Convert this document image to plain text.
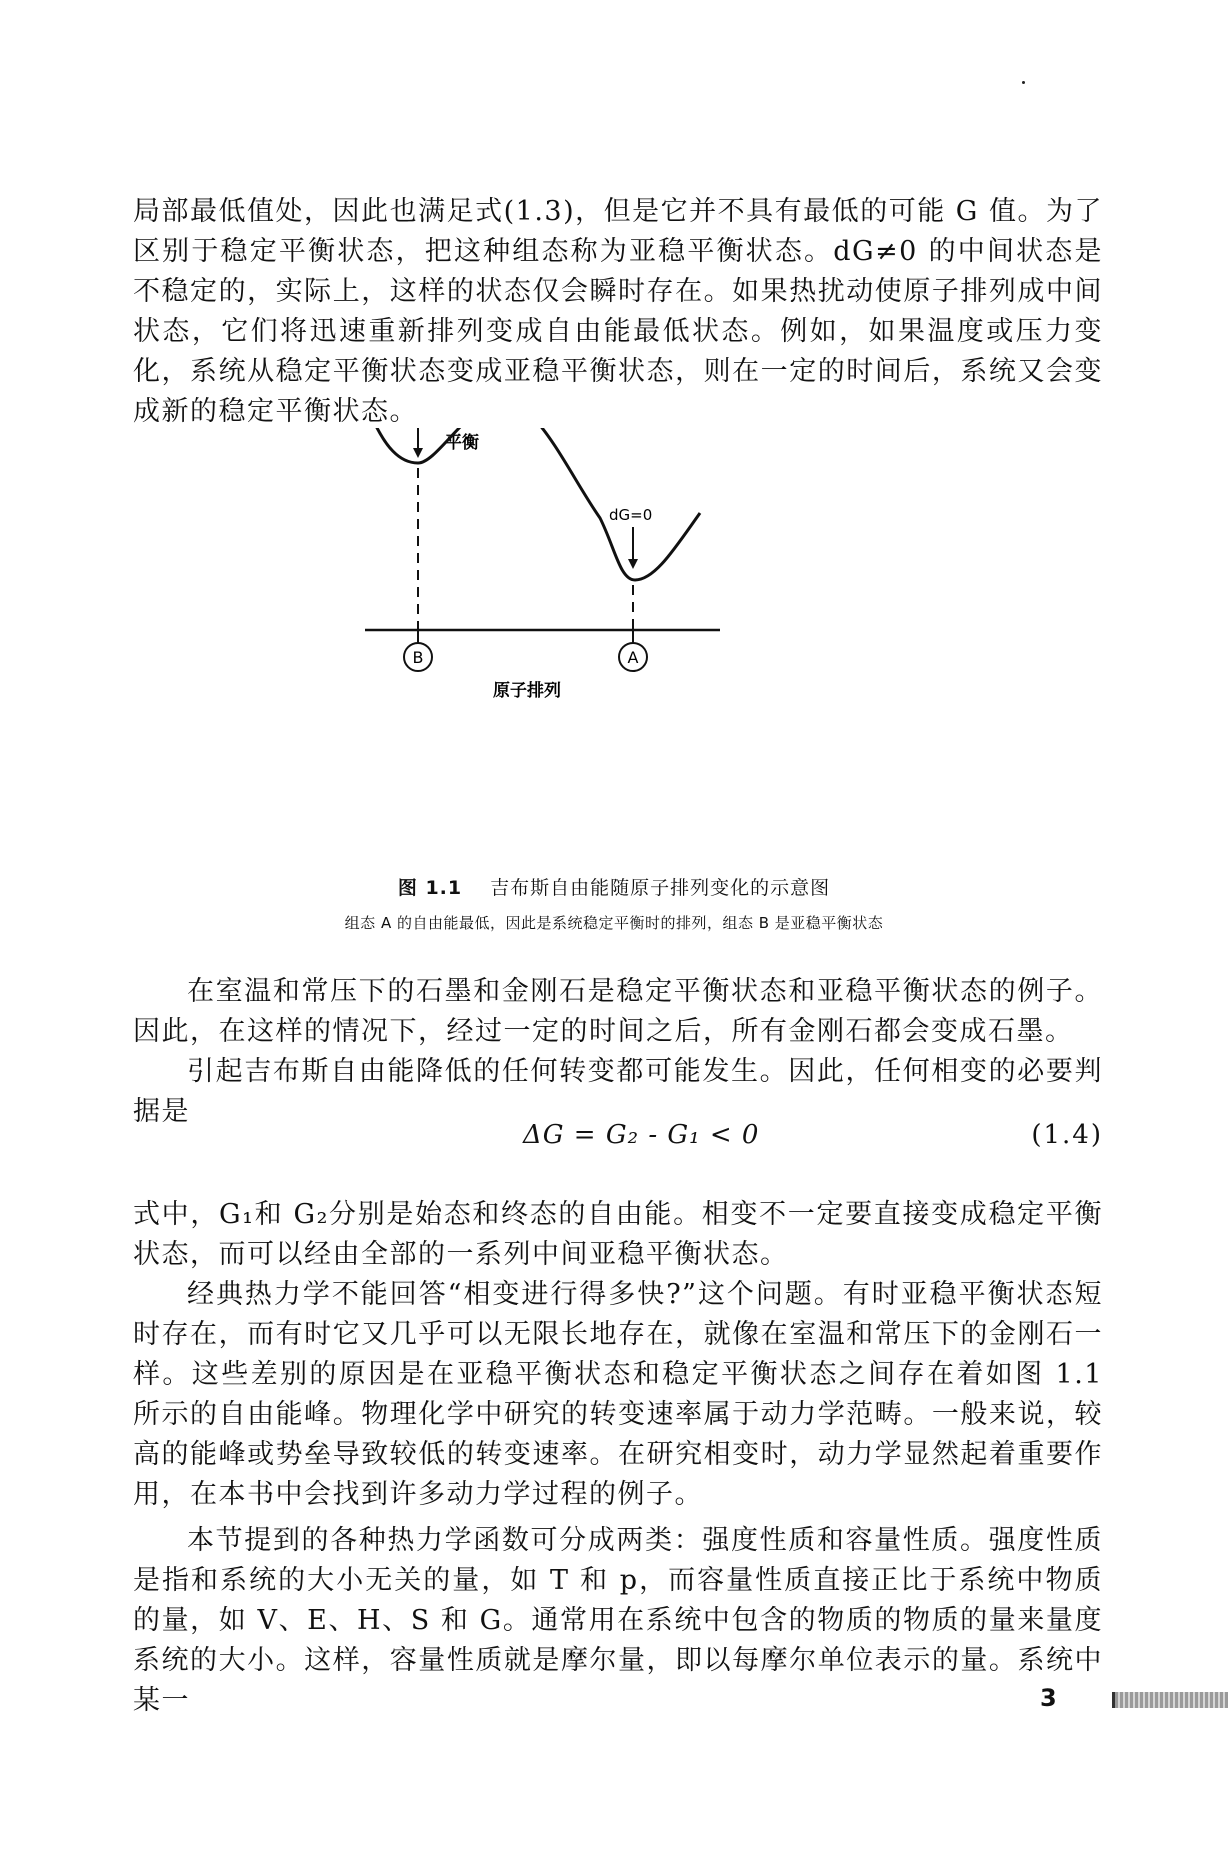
局部最低值处，因此也满足式(1.3)，但是它并不具有最低的可能 G 值。为了区别于稳定平衡状态，把这种组态称为亚稳平衡状态。dG≠0 的中间状态是不稳定的，实际上，这样的状态仅会瞬时存在。如果热扰动使原子排列成中间状态，它们将迅速重新排列变成自由能最低状态。例如，如果温度或压力变化，系统从稳定平衡状态变成亚稳平衡状态，则在一定的时间后，系统又会变成新的稳定平衡状态。

平衡
dG=0
B	A
原子排列
图 1.1 吉布斯自由能随原子排列变化的示意图
组态 A 的自由能最低，因此是系统稳定平衡时的排列，组态 B 是亚稳平衡状态

在室温和常压下的石墨和金刚石是稳定平衡状态和亚稳平衡状态的例子。因此，在这样的情况下，经过一定的时间之后，所有金刚石都会变成石墨。

引起吉布斯自由能降低的任何转变都可能发生。因此，任何相变的必要判据是

ΔG = G₂ - G₁ < 0	(1.4)

式中，G₁和 G₂分别是始态和终态的自由能。相变不一定要直接变成稳定平衡状态，而可以经由全部的一系列中间亚稳平衡状态。

经典热力学不能回答“相变进行得多快?”这个问题。有时亚稳平衡状态短时存在，而有时它又几乎可以无限长地存在，就像在室温和常压下的金刚石一样。这些差别的原因是在亚稳平衡状态和稳定平衡状态之间存在着如图 1.1 所示的自由能峰。物理化学中研究的转变速率属于动力学范畴。一般来说，较高的能峰或势垒导致较低的转变速率。在研究相变时，动力学显然起着重要作用，在本书中会找到许多动力学过程的例子。

本节提到的各种热力学函数可分成两类：强度性质和容量性质。强度性质是指和系统的大小无关的量，如 T 和 p，而容量性质直接正比于系统中物质的量，如 V、E、H、S 和 G。通常用在系统中包含的物质的物质的量来量度系统的大小。这样，容量性质就是摩尔量，即以每摩尔单位表示的量。系统中某一	3
